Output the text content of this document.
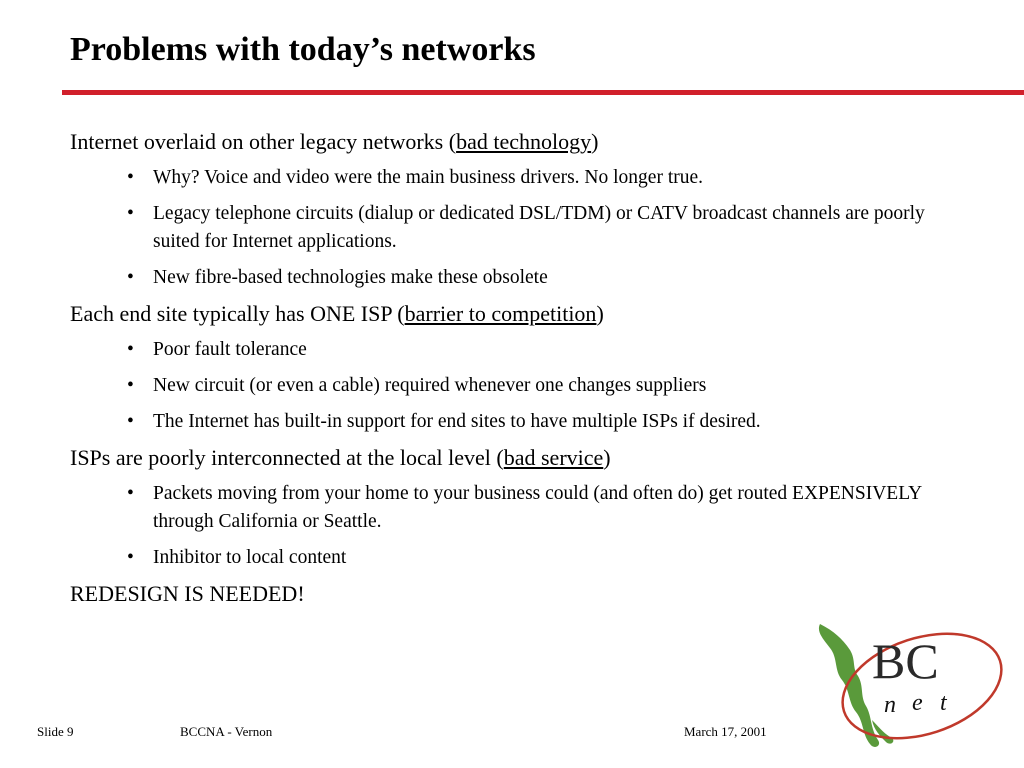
Problems with today’s networks

Internet overlaid on other legacy networks (bad technology)

• Why? Voice and video were the main business drivers. No longer true.
• Legacy telephone circuits (dialup or dedicated DSL/TDM) or CATV broadcast channels are poorly suited for Internet applications.
• New fibre-based technologies make these obsolete

Each end site typically has ONE ISP (barrier to competition)

• Poor fault tolerance
• New circuit (or even a cable) required whenever one changes suppliers
• The Internet has built-in support for end sites to have multiple ISPs if desired.

ISPs are poorly interconnected at the local level (bad service)

• Packets moving from your home to your business could (and often do) get routed EXPENSIVELY through California or Seattle.
• Inhibitor to local content

REDESIGN IS NEEDED!

Slide 9	BCCNA - Vernon	March 17, 2001
BC
n e t
